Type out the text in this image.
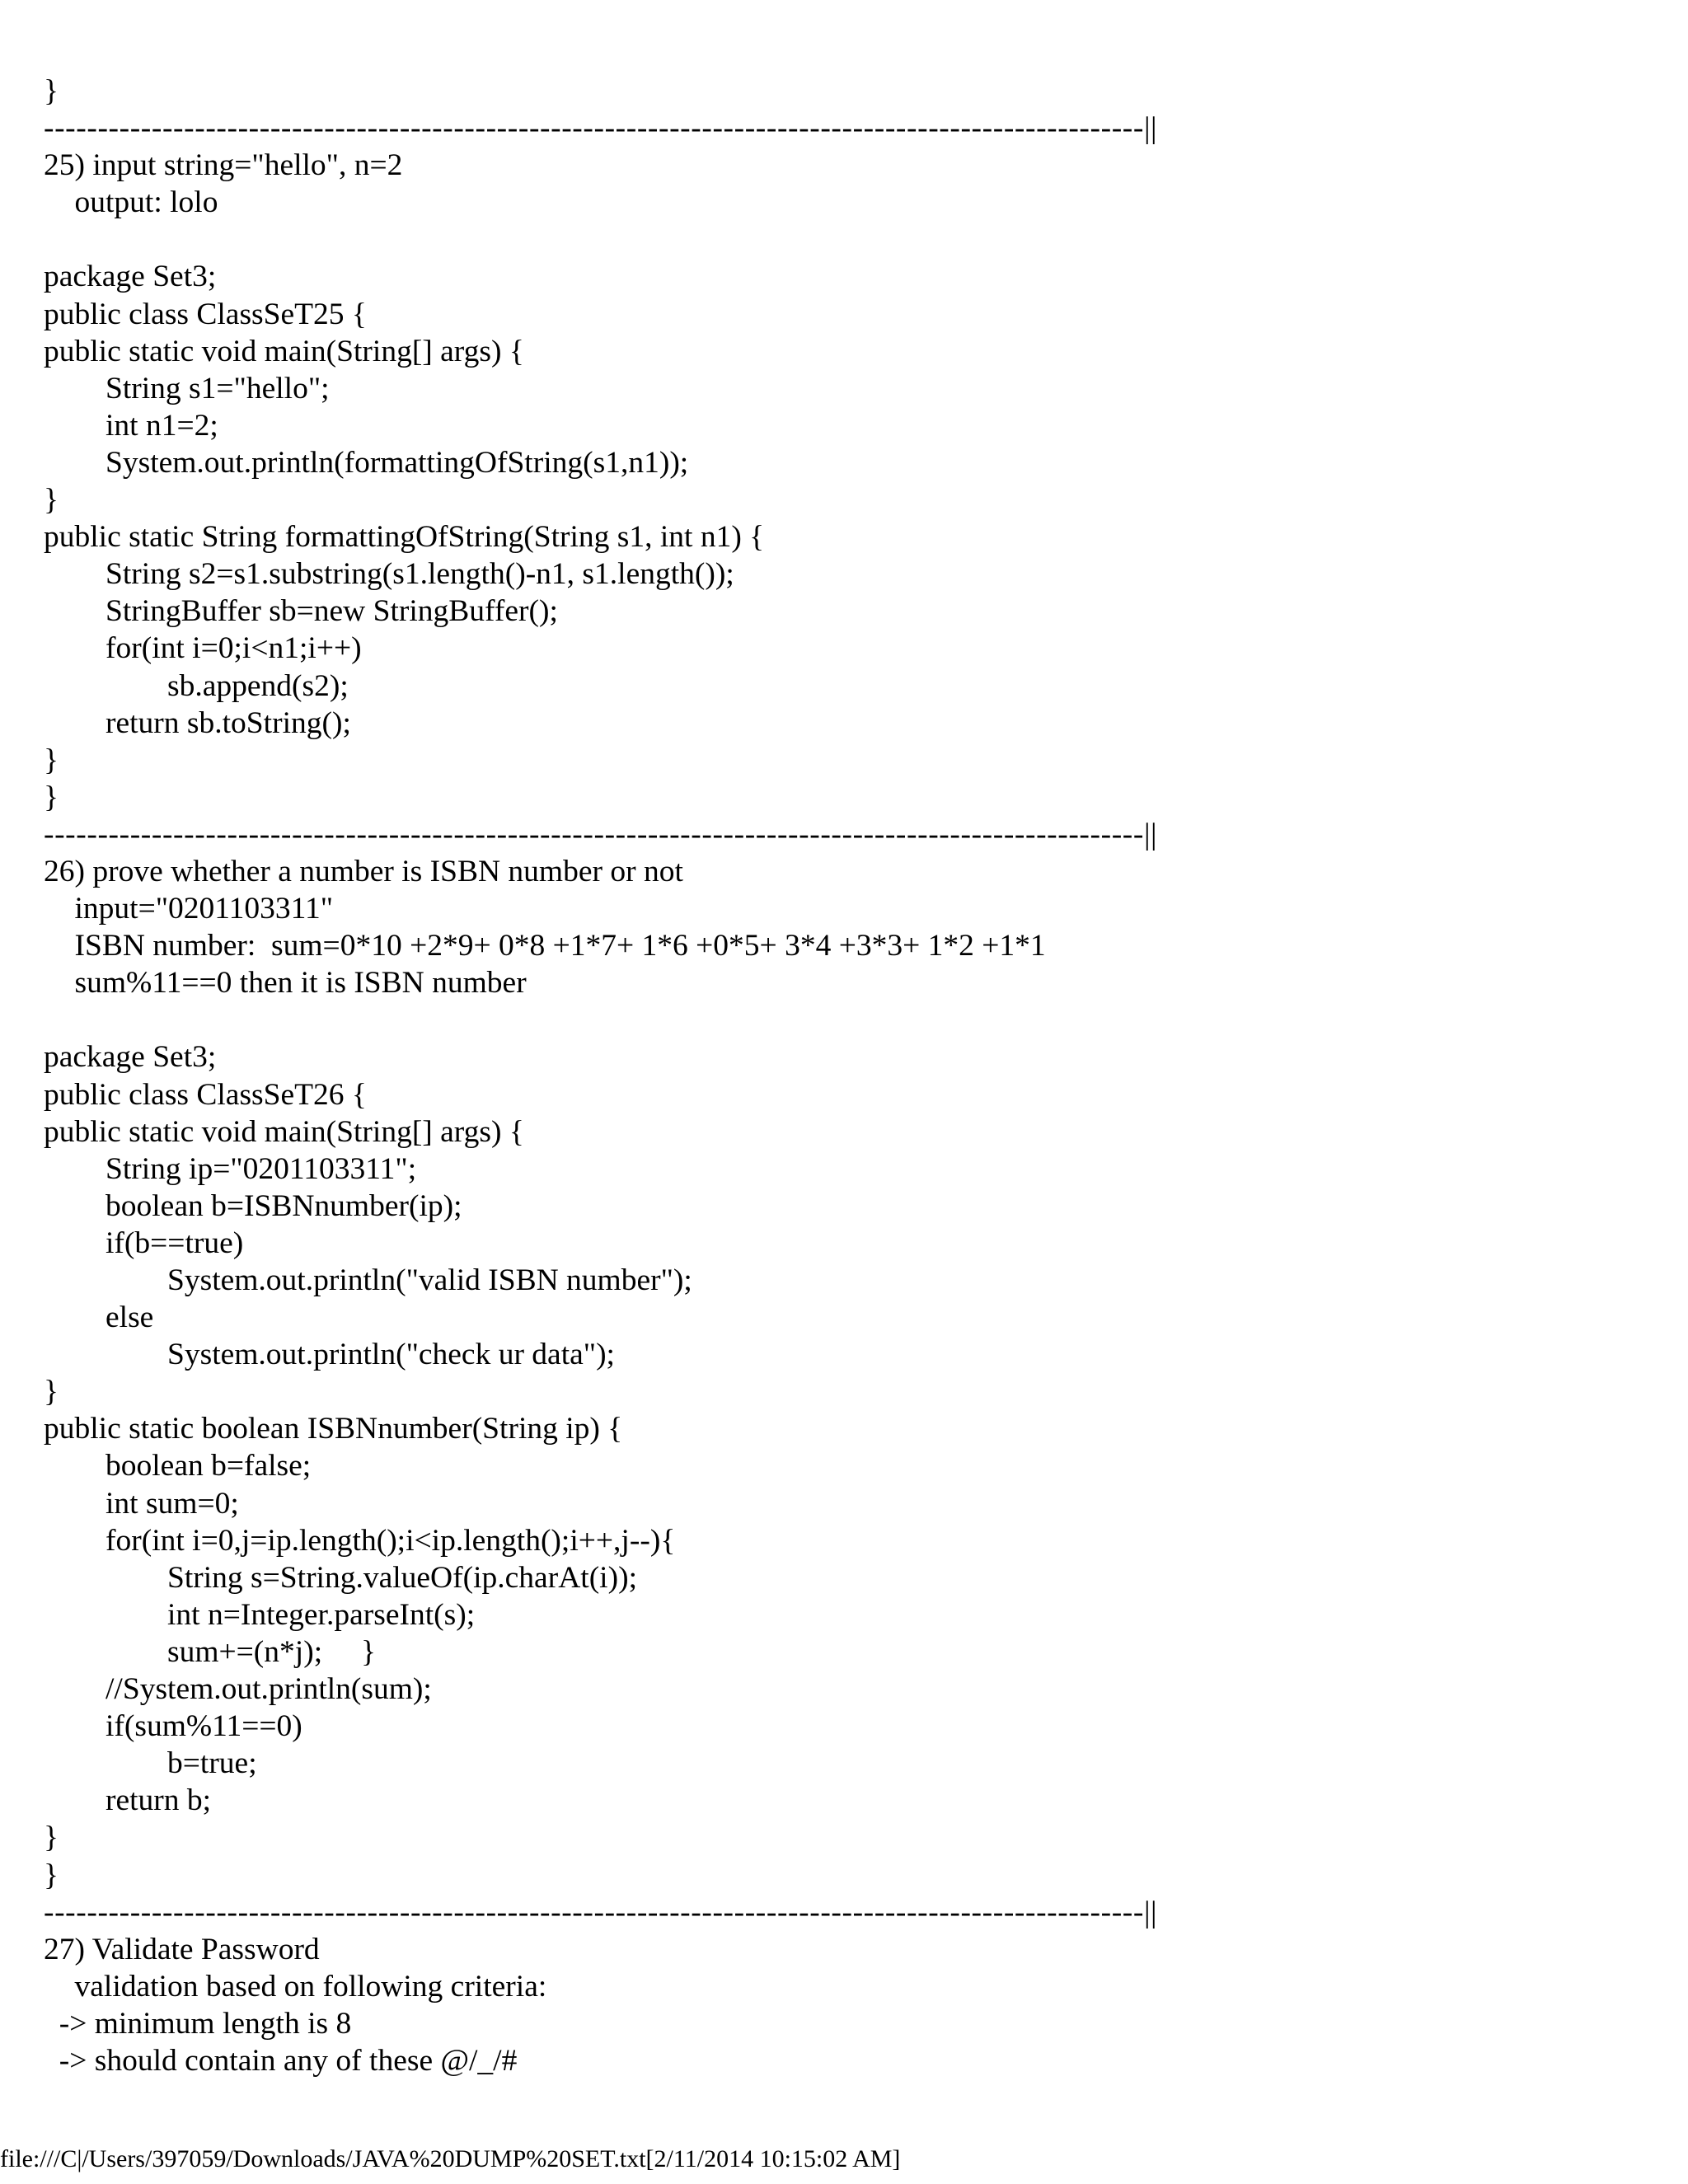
}
------------------------------------------------------------------------------------------------------||
25) input string="hello", n=2
output: lolo

package Set3;
public class ClassSeT25 {
public static void main(String[] args) {
String s1="hello";
int n1=2;
System.out.println(formattingOfString(s1,n1));
}
public static String formattingOfString(String s1, int n1) {
String s2=s1.substring(s1.length()-n1, s1.length());
StringBuffer sb=new StringBuffer();
for(int i=0;i<n1;i++)
sb.append(s2);
return sb.toString();
}
}
------------------------------------------------------------------------------------------------------||
26) prove whether a number is ISBN number or not
input="0201103311"
ISBN number:  sum=0*10 +2*9+ 0*8 +1*7+ 1*6 +0*5+ 3*4 +3*3+ 1*2 +1*1
sum%11==0 then it is ISBN number

package Set3;
public class ClassSeT26 {
public static void main(String[] args) {
String ip="0201103311";
boolean b=ISBNnumber(ip);
if(b==true)
System.out.println("valid ISBN number");
else
System.out.println("check ur data");
}
public static boolean ISBNnumber(String ip) {
boolean b=false;
int sum=0;
for(int i=0,j=ip.length();i<ip.length();i++,j--){
String s=String.valueOf(ip.charAt(i));
int n=Integer.parseInt(s);
sum+=(n*j);     }
//System.out.println(sum);
if(sum%11==0)
b=true;
return b;
}
}
------------------------------------------------------------------------------------------------------||
27) Validate Password
validation based on following criteria:
-> minimum length is 8
-> should contain any of these @/_/#
file:///C|/Users/397059/Downloads/JAVA%20DUMP%20SET.txt[2/11/2014 10:15:02 AM]
